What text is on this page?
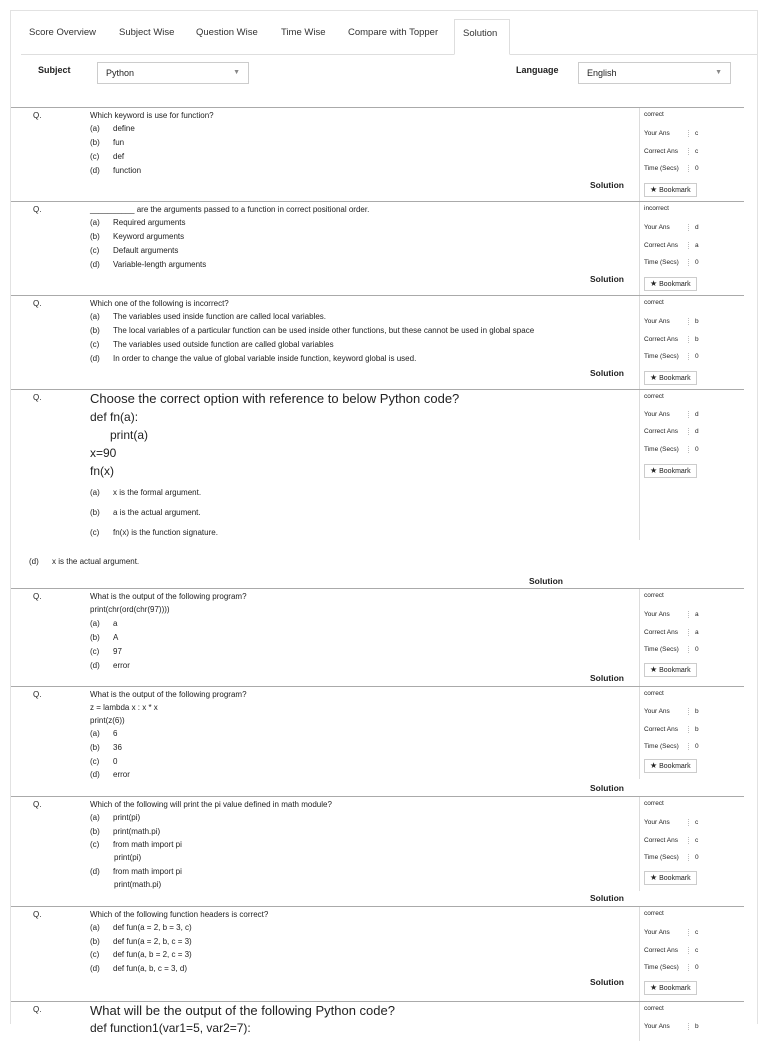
Score Overview	Subject Wise	Question Wise	Time Wise	Compare with Topper	Solution
Subject	Python	▼	Language	English	▼
Q.	Which keyword is use for function?
(a) define
(b) fun
(c) def
(d) function
Solution
correct
Your Ans	c
Correct Ans	c
Time (Secs) 0
★ Bookmark
Q.	__________ are the arguments passed to a function in correct positional order.
(a) Required arguments
(b) Keyword arguments
(c) Default arguments
(d) Variable-length arguments
Solution
incorrect
Your Ans	d
Correct Ans	a
Time (Secs) 0
★ Bookmark
Q.	Which one of the following is incorrect?
(a) The variables used inside function are called local variables.
(b) The local variables of a particular function can be used inside other functions, but these cannot be used in global space
(c) The variables used outside function are called global variables
(d) In order to change the value of global variable inside function, keyword global is used.
Solution
correct
Your Ans	b
Correct Ans	b
Time (Secs) 0
★ Bookmark
Q.	Choose the correct option with reference to below Python code?
def fn(a):
print(a)
x=90
fn(x)
(a) x is the formal argument.
(b) a is the actual argument.
(c) fn(x) is the function signature.
(d) x is the actual argument.
Solution
correct
Your Ans	d
Correct Ans	d
Time (Secs) 0
★ Bookmark
Q.	What is the output of the following program?
print(chr(ord(chr(97))))
(a) a
(b) A
(c) 97
(d) error
Solution
correct
Your Ans	a
Correct Ans	a
Time (Secs) 0
★ Bookmark
Q.	What is the output of the following program?
z = lambda x : x * x
print(z(6))
(a) 6
(b) 36
(c) 0
(d) error
Solution
correct
Your Ans	b
Correct Ans	b
Time (Secs) 0
★ Bookmark
Q.	Which of the following will print the pi value defined in math module?
(a) print(pi)
(b) print(math.pi)
(c) from math import pi
print(pi)
(d) from math import pi
print(math.pi)
Solution
correct
Your Ans	c
Correct Ans	c
Time (Secs) 0
★ Bookmark
Q.	Which of the following function headers is correct?
(a) def fun(a = 2, b = 3, c)
(b) def fun(a = 2, b, c = 3)
(c) def fun(a, b = 2, c = 3)
(d) def fun(a, b, c = 3, d)
Solution
correct
Your Ans	c
Correct Ans	c
Time (Secs) 0
★ Bookmark
Q.	What will be the output of the following Python code?
def function1(var1=5, var2=7):
correct
Your Ans	b
